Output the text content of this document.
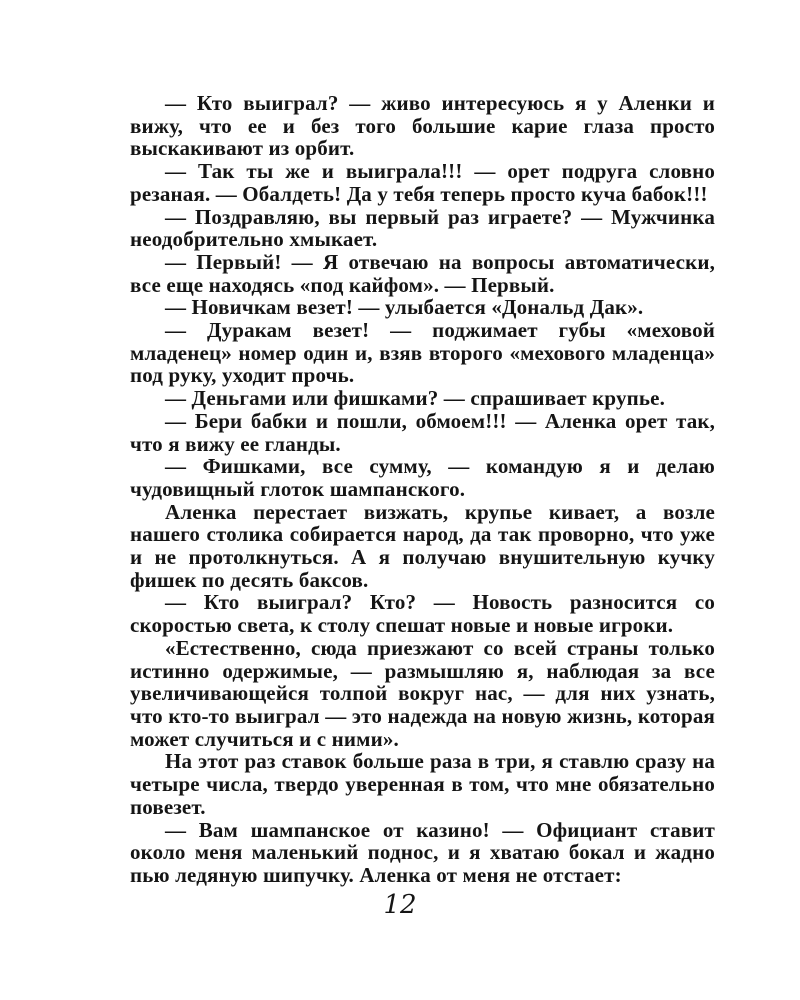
— Кто выиграл? — живо интересуюсь я у Аленки и вижу, что ее и без того большие карие глаза просто выскакивают из орбит.

— Так ты же и выиграла!!! — орет подруга словно резаная. — Обалдеть! Да у тебя теперь просто куча бабок!!!

— Поздравляю, вы первый раз играете? — Мужчинка неодобрительно хмыкает.

— Первый! — Я отвечаю на вопросы автоматически, все еще находясь «под кайфом». — Первый.

— Новичкам везет! — улыбается «Дональд Дак».

— Дуракам везет! — поджимает губы «меховой младенец» номер один и, взяв второго «мехового младенца» под руку, уходит прочь.

— Деньгами или фишками? — спрашивает крупье.

— Бери бабки и пошли, обмоем!!! — Аленка орет так, что я вижу ее гланды.

— Фишками, все сумму, — командую я и делаю чудовищный глоток шампанского.

Аленка перестает визжать, крупье кивает, а возле нашего столика собирается народ, да так проворно, что уже и не протолкнуться. А я получаю внушительную кучку фишек по десять баксов.

— Кто выиграл? Кто? — Новость разносится со скоростью света, к столу спешат новые и новые игроки.

«Естественно, сюда приезжают со всей страны только истинно одержимые, — размышляю я, наблюдая за все увеличивающейся толпой вокруг нас, — для них узнать, что кто-то выиграл — это надежда на новую жизнь, которая может случиться и с ними».

На этот раз ставок больше раза в три, я ставлю сразу на четыре числа, твердо уверенная в том, что мне обязательно повезет.

— Вам шампанское от казино! — Официант ставит около меня маленький поднос, и я хватаю бокал и жадно пью ледяную шипучку. Аленка от меня не отстает:

12
